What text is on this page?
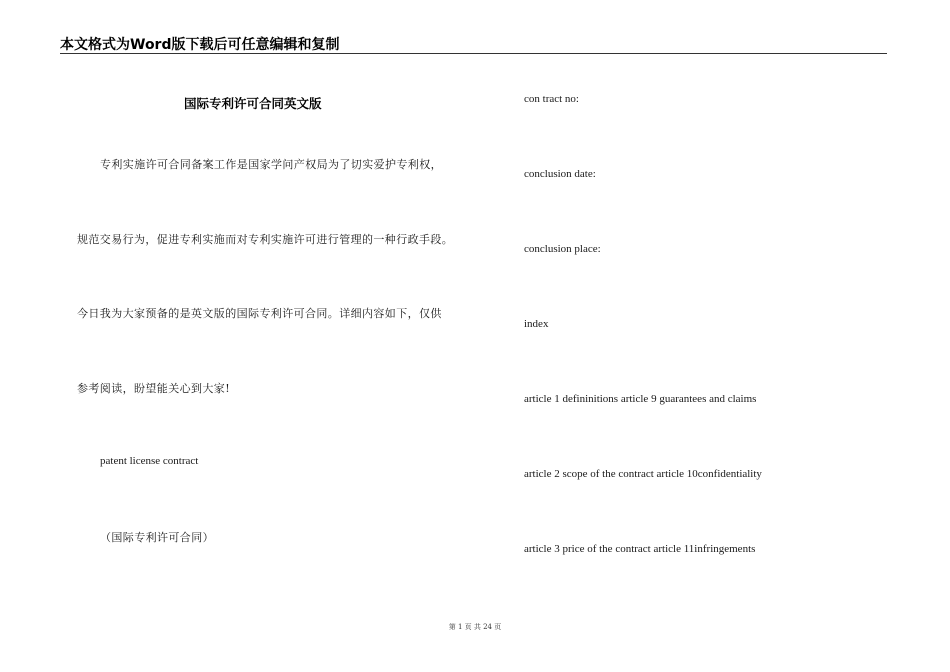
本文格式为Word版下载后可任意编辑和复制
国际专利许可合同英文版
专利实施许可合同备案工作是国家学问产权局为了切实爱护专利权，
规范交易行为，促进专利实施而对专利实施许可进行管理的一种行政手段。
今日我为大家预备的是英文版的国际专利许可合同。详细内容如下，仅供
参考阅读，盼望能关心到大家!
patent license contract
（国际专利许可合同）
con tract no:
conclusion date:
conclusion place:
index
article 1 defininitions article 9 guarantees and claims
article 2 scope of the contract article 10confidentiality
article 3 price of the contract article 11infringements
第 1 页 共 24 页
